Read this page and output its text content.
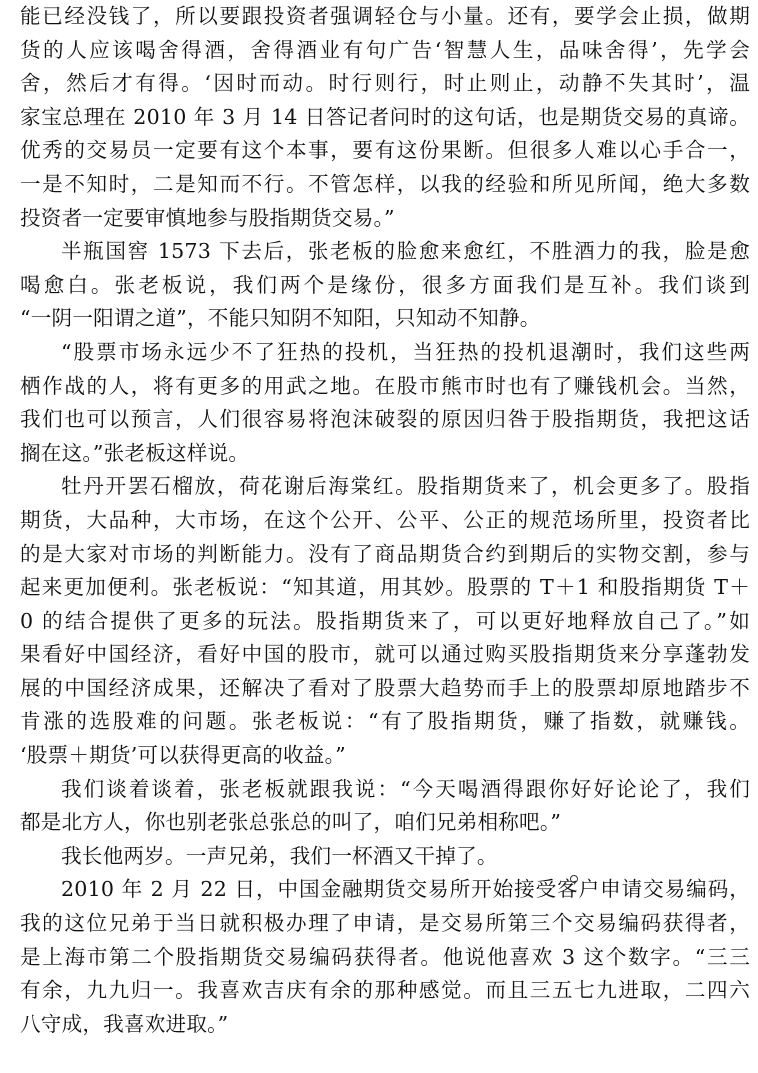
能已经没钱了，所以要跟投资者强调轻仓与小量。还有，要学会止损，做期
货的人应该喝舍得酒，舍得酒业有句广告‘智慧人生，品味舍得’，先学会
舍，然后才有得。‘因时而动。时行则行，时止则止，动静不失其时’，温
家宝总理在 2010 年 3 月 14 日答记者问时的这句话，也是期货交易的真谛。
优秀的交易员一定要有这个本事，要有这份果断。但很多人难以心手合一，
一是不知时，二是知而不行。不管怎样，以我的经验和所见所闻，绝大多数
投资者一定要审慎地参与股指期货交易。”
半瓶国窖 1573 下去后，张老板的脸愈来愈红，不胜酒力的我，脸是愈
喝愈白。张老板说，我们两个是缘份，很多方面我们是互补。我们谈到
“一阴一阳谓之道”，不能只知阴不知阳，只知动不知静。
“股票市场永远少不了狂热的投机，当狂热的投机退潮时，我们这些两
栖作战的人，将有更多的用武之地。在股市熊市时也有了赚钱机会。当然，
我们也可以预言，人们很容易将泡沫破裂的原因归咎于股指期货，我把这话
搁在这。”张老板这样说。
牡丹开罢石榴放，荷花谢后海棠红。股指期货来了，机会更多了。股指
期货，大品种，大市场，在这个公开、公平、公正的规范场所里，投资者比
的是大家对市场的判断能力。没有了商品期货合约到期后的实物交割，参与
起来更加便利。张老板说：“知其道，用其妙。股票的 T＋1 和股指期货 T＋
0 的结合提供了更多的玩法。股指期货来了，可以更好地释放自己了。”如
果看好中国经济，看好中国的股市，就可以通过购买股指期货来分享蓬勃发
展的中国经济成果，还解决了看对了股票大趋势而手上的股票却原地踏步不
肯涨的选股难的问题。张老板说：“有了股指期货，赚了指数，就赚钱。
‘股票＋期货’可以获得更高的收益。”
我们谈着谈着，张老板就跟我说：“今天喝酒得跟你好好论论了，我们
都是北方人，你也别老张总张总的叫了，咱们兄弟相称吧。”
我长他两岁。一声兄弟，我们一杯酒又干掉了。
2010 年 2 月 22 日，中国金融期货交易所开始接受客户申请交易编码，
我的这位兄弟于当日就积极办理了申请，是交易所第三个交易编码获得者，
是上海市第二个股指期货交易编码获得者。他说他喜欢 3 这个数字。“三三
有余，九九归一。我喜欢吉庆有余的那种感觉。而且三五七九进取，二四六
八守成，我喜欢进取。”
